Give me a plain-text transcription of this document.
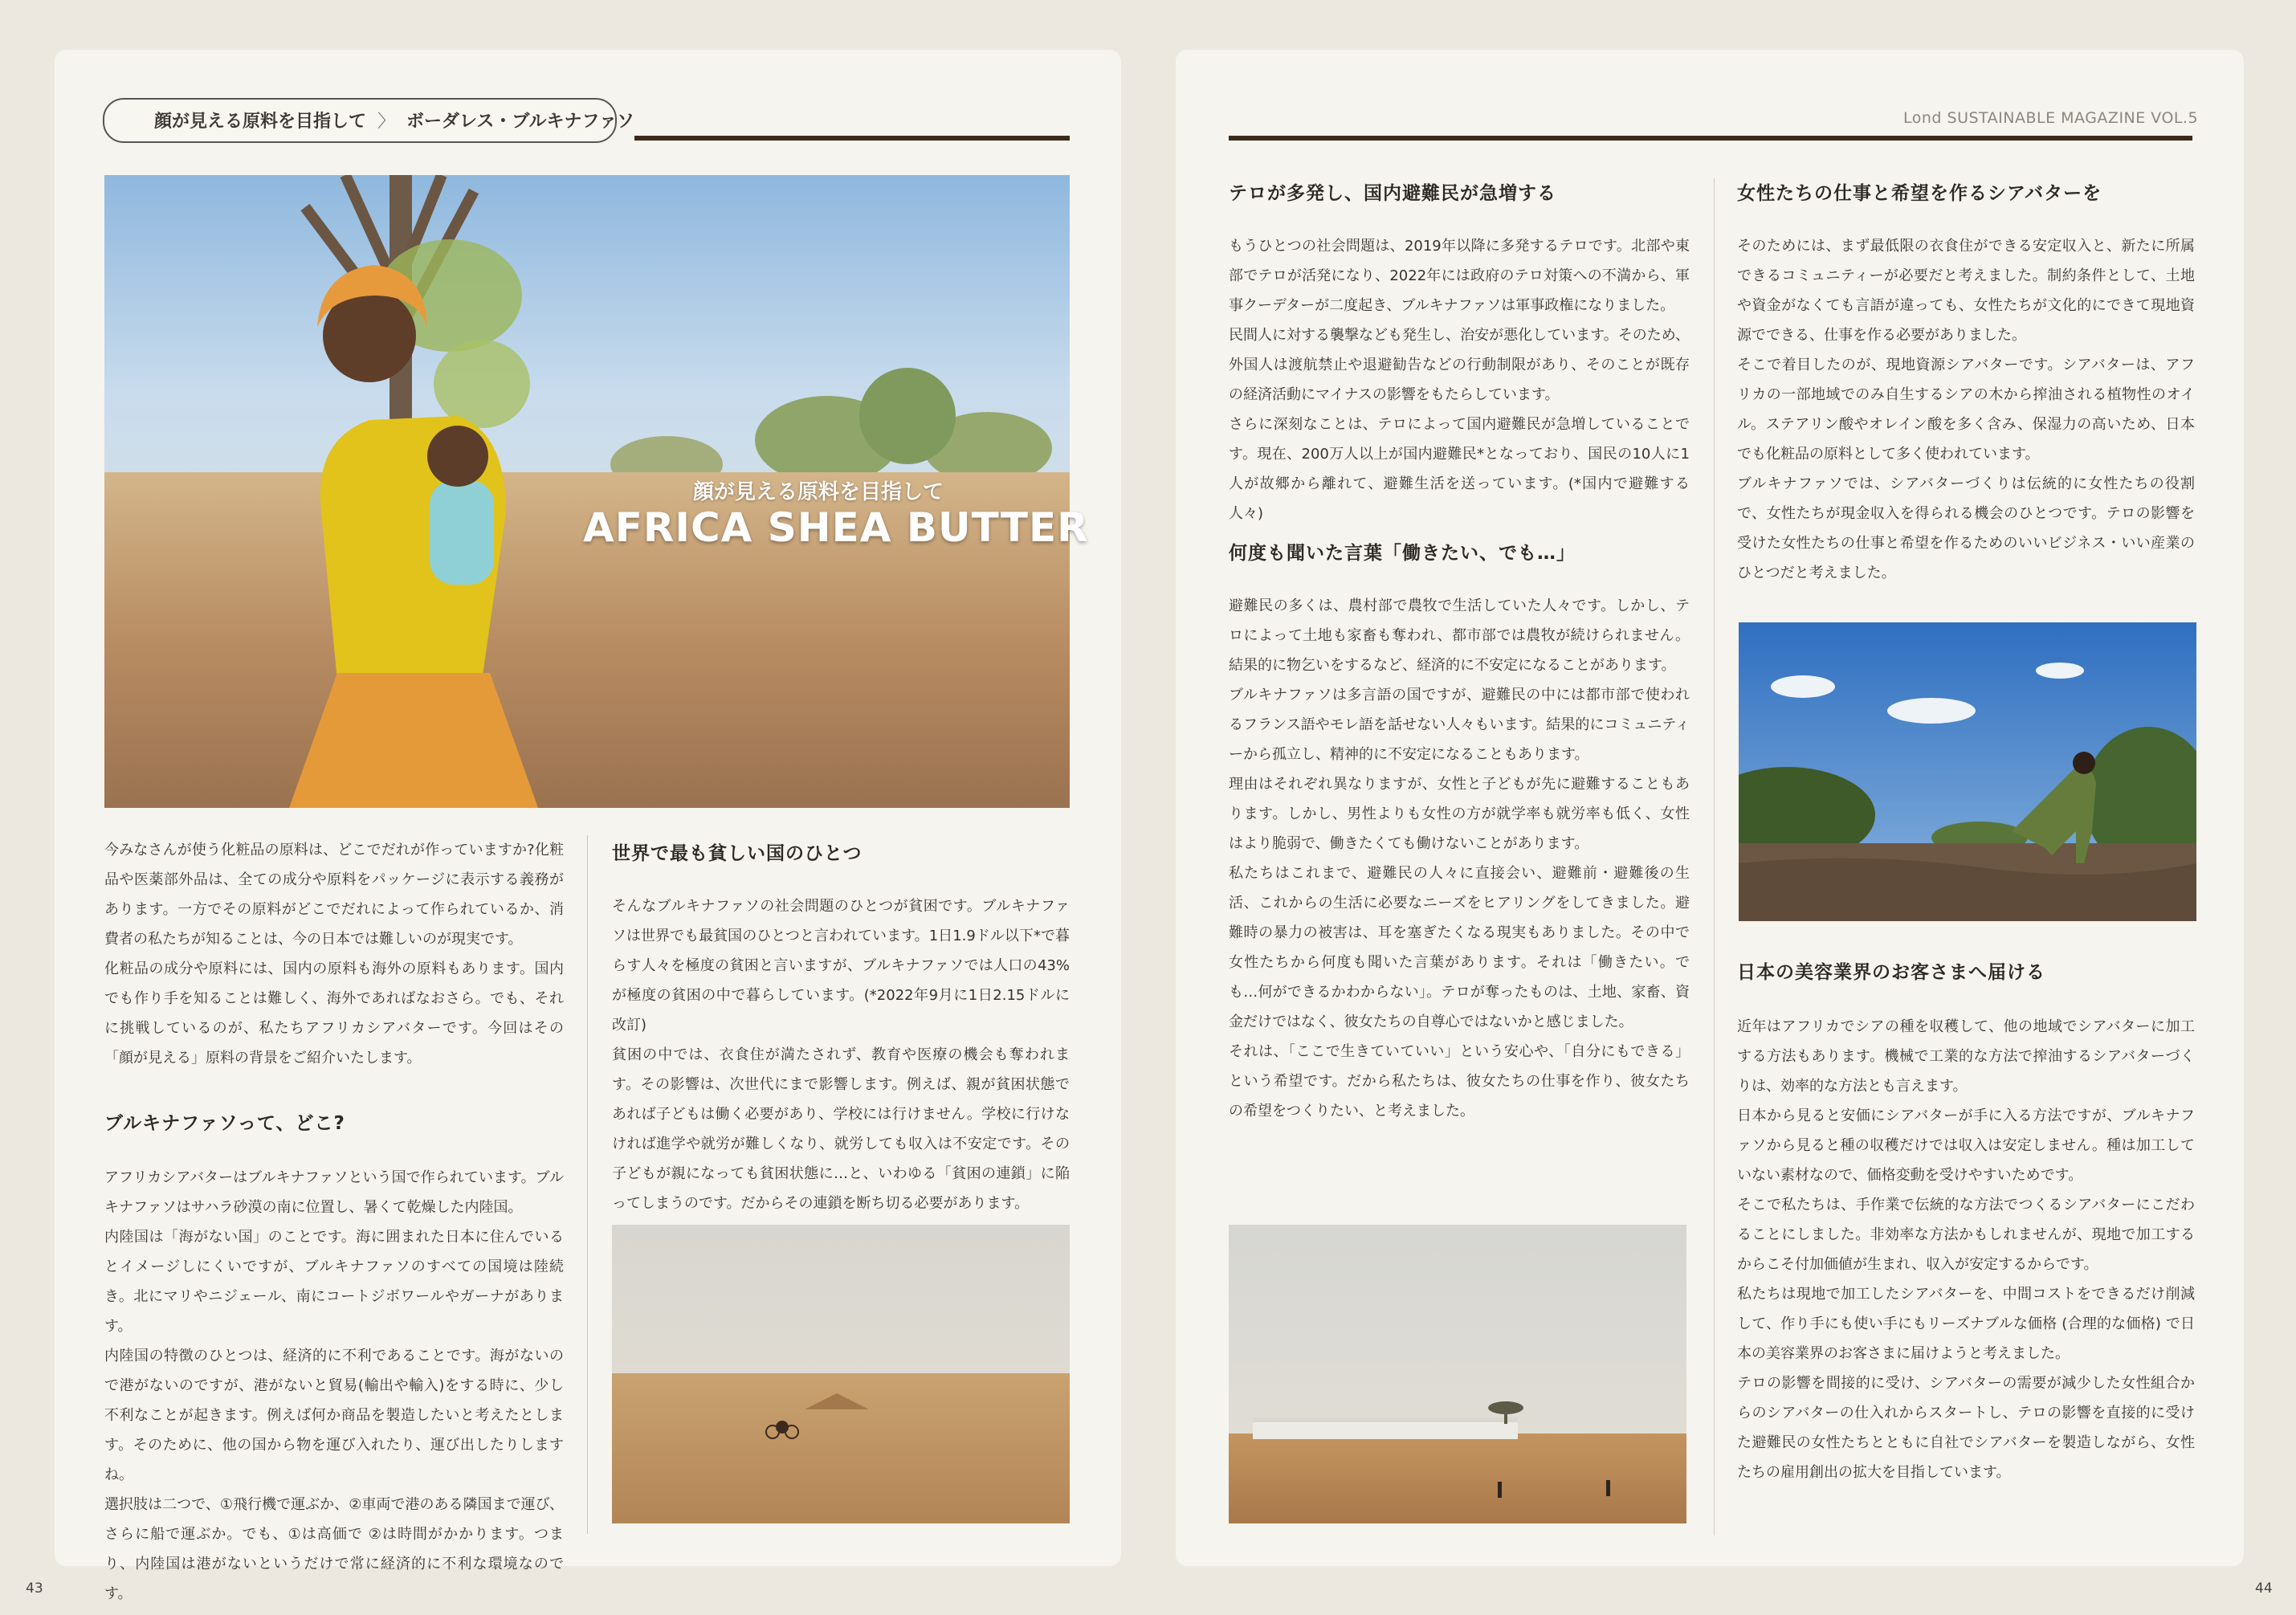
顔が見える原料を目指して 〉 ボーダレス・ブルキナファソ	Lond SUSTAINABLE MAGAZINE VOL.5
顔が見える原料を目指して
AFRICA SHEA BUTTER

今みなさんが使う化粧品の原料は、どこでだれが作っていますか?化粧品や医薬部外品は、全ての成分や原料をパッケージに表示する義務があります。一方でその原料がどこでだれによって作られているか、消費者の私たちが知ることは、今の日本では難しいのが現実です。

化粧品の成分や原料には、国内の原料も海外の原料もあります。国内でも作り手を知ることは難しく、海外であればなおさら。でも、それに挑戦しているのが、私たちアフリカシアバターです。今回はその「顔が見える」原料の背景をご紹介いたします。

ブルキナファソって、どこ?

アフリカシアバターはブルキナファソという国で作られています。ブルキナファソはサハラ砂漠の南に位置し、暑くて乾燥した内陸国。

内陸国は「海がない国」のことです。海に囲まれた日本に住んでいるとイメージしにくいですが、ブルキナファソのすべての国境は陸続き。北にマリやニジェール、南にコートジボワールやガーナがあります。

内陸国の特徴のひとつは、経済的に不利であることです。海がないので港がないのですが、港がないと貿易(輸出や輸入)をする時に、少し不利なことが起きます。例えば何か商品を製造したいと考えたとします。そのために、他の国から物を運び入れたり、運び出したりしますね。

選択肢は二つで、①飛行機で運ぶか、②車両で港のある隣国まで運び、さらに船で運ぶか。でも、①は高価で ②は時間がかかります。つまり、内陸国は港がないというだけで常に経済的に不利な環境なのです。

世界で最も貧しい国のひとつ

そんなブルキナファソの社会問題のひとつが貧困です。ブルキナファソは世界でも最貧国のひとつと言われています。1日1.9ドル以下*で暮らす人々を極度の貧困と言いますが、ブルキナファソでは人口の43%が極度の貧困の中で暮らしています。(*2022年9月に1日2.15ドルに改訂)

貧困の中では、衣食住が満たされず、教育や医療の機会も奪われます。その影響は、次世代にまで影響します。例えば、親が貧困状態であれば子どもは働く必要があり、学校には行けません。学校に行けなければ進学や就労が難しくなり、就労しても収入は不安定です。その子どもが親になっても貧困状態に…と、いわゆる「貧困の連鎖」に陥ってしまうのです。だからその連鎖を断ち切る必要があります。

テロが多発し、国内避難民が急増する

もうひとつの社会問題は、2019年以降に多発するテロです。北部や東部でテロが活発になり、2022年には政府のテロ対策への不満から、軍事クーデターが二度起き、ブルキナファソは軍事政権になりました。

民間人に対する襲撃なども発生し、治安が悪化しています。そのため、外国人は渡航禁止や退避勧告などの行動制限があり、そのことが既存の経済活動にマイナスの影響をもたらしています。

さらに深刻なことは、テロによって国内避難民が急増していることです。現在、200万人以上が国内避難民*となっており、国民の10人に1人が故郷から離れて、避難生活を送っています。(*国内で避難する人々)

何度も聞いた言葉「働きたい、でも…」

避難民の多くは、農村部で農牧で生活していた人々です。しかし、テロによって土地も家畜も奪われ、都市部では農牧が続けられません。結果的に物乞いをするなど、経済的に不安定になることがあります。

ブルキナファソは多言語の国ですが、避難民の中には都市部で使われるフランス語やモレ語を話せない人々もいます。結果的にコミュニティーから孤立し、精神的に不安定になることもあります。

理由はそれぞれ異なりますが、女性と子どもが先に避難することもあります。しかし、男性よりも女性の方が就学率も就労率も低く、女性はより脆弱で、働きたくても働けないことがあります。

私たちはこれまで、避難民の人々に直接会い、避難前・避難後の生活、これからの生活に必要なニーズをヒアリングをしてきました。避難時の暴力の被害は、耳を塞ぎたくなる現実もありました。その中で女性たちから何度も聞いた言葉があります。それは「働きたい。でも…何ができるかわからない」。テロが奪ったものは、土地、家畜、資金だけではなく、彼女たちの自尊心ではないかと感じました。

それは、「ここで生きていていい」という安心や、「自分にもできる」という希望です。だから私たちは、彼女たちの仕事を作り、彼女たちの希望をつくりたい、と考えました。

女性たちの仕事と希望を作るシアバターを

そのためには、まず最低限の衣食住ができる安定収入と、新たに所属できるコミュニティーが必要だと考えました。制約条件として、土地や資金がなくても言語が違っても、女性たちが文化的にできて現地資源でできる、仕事を作る必要がありました。

そこで着目したのが、現地資源シアバターです。シアバターは、アフリカの一部地域でのみ自生するシアの木から搾油される植物性のオイル。ステアリン酸やオレイン酸を多く含み、保湿力の高いため、日本でも化粧品の原料として多く使われています。

ブルキナファソでは、シアバターづくりは伝統的に女性たちの役割で、女性たちが現金収入を得られる機会のひとつです。テロの影響を受けた女性たちの仕事と希望を作るためのいいビジネス・いい産業のひとつだと考えました。

日本の美容業界のお客さまへ届ける

近年はアフリカでシアの種を収穫して、他の地域でシアバターに加工する方法もあります。機械で工業的な方法で搾油するシアバターづくりは、効率的な方法とも言えます。

日本から見ると安価にシアバターが手に入る方法ですが、ブルキナファソから見ると種の収穫だけでは収入は安定しません。種は加工していない素材なので、価格変動を受けやすいためです。

そこで私たちは、手作業で伝統的な方法でつくるシアバターにこだわることにしました。非効率な方法かもしれませんが、現地で加工するからこそ付加価値が生まれ、収入が安定するからです。

私たちは現地で加工したシアバターを、中間コストをできるだけ削減して、作り手にも使い手にもリーズナブルな価格 (合理的な価格) で日本の美容業界のお客さまに届けようと考えました。

テロの影響を間接的に受け、シアバターの需要が減少した女性組合からのシアバターの仕入れからスタートし、テロの影響を直接的に受けた避難民の女性たちとともに自社でシアバターを製造しながら、女性たちの雇用創出の拡大を目指しています。

43	44
